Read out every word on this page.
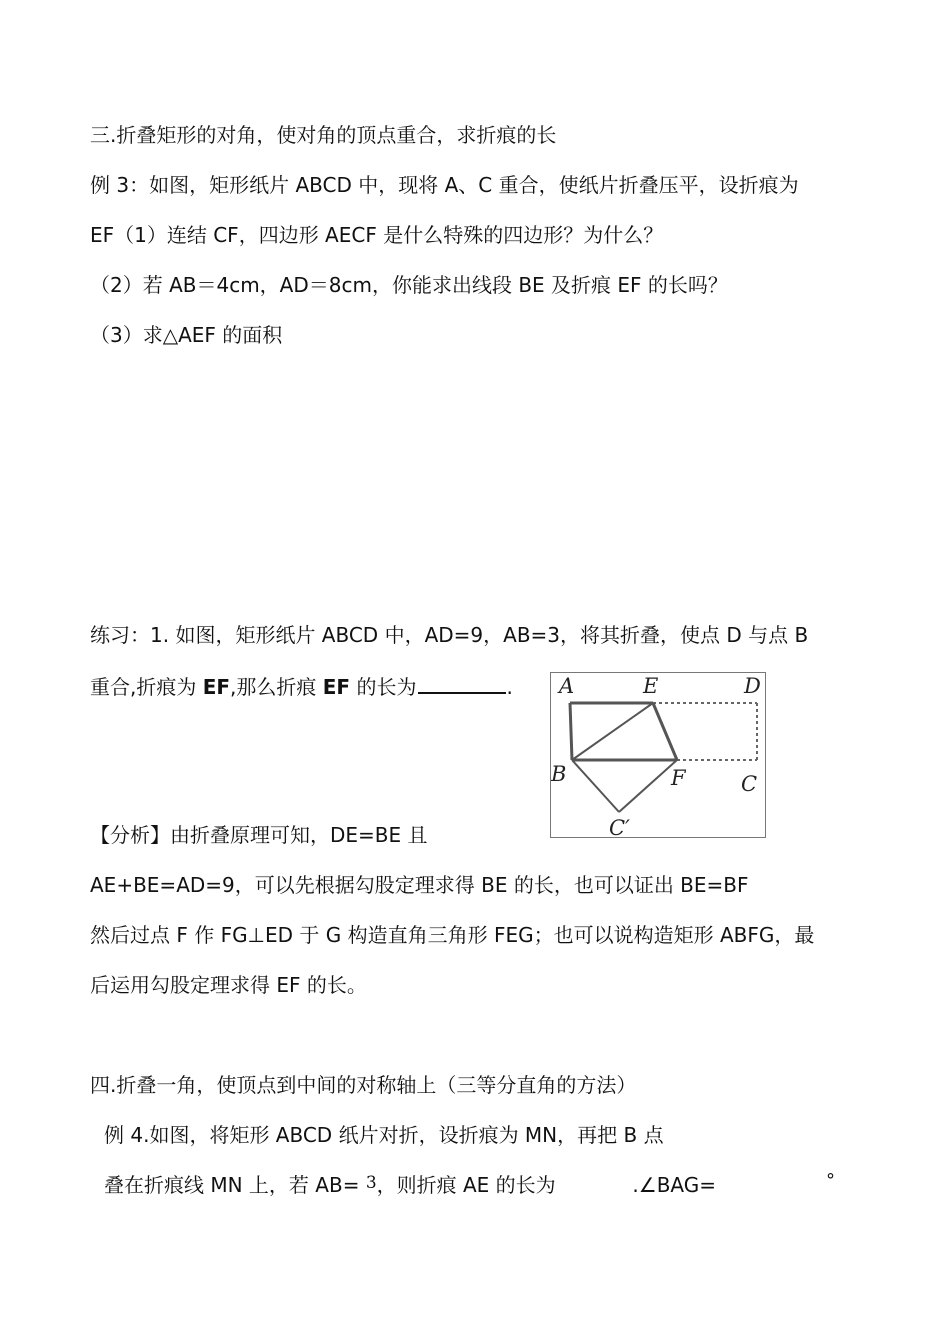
三.折叠矩形的对角，使对角的顶点重合，求折痕的长
例 3：如图，矩形纸片 ABCD 中，现将 A、C 重合，使纸片折叠压平，设折痕为
EF（1）连结 CF，四边形 AECF 是什么特殊的四边形？为什么？
（2）若 AB＝4cm，AD＝8cm，你能求出线段 BE 及折痕 EF 的长吗？
（3）求△AEF 的面积
练习：1. 如图，矩形纸片 ABCD 中，AD=9，AB=3，将其折叠，使点 D 与点 B
重合,折痕为 EF,那么折痕 EF 的长为	. A	E	D
B	F	C
C′
【分析】由折叠原理可知，DE=BE 且
AE+BE=AD=9，可以先根据勾股定理求得 BE 的长，也可以证出 BE=BF
然后过点 F 作 FG⊥ED 于 G 构造直角三角形 FEG；也可以说构造矩形 ABFG，最
后运用勾股定理求得 EF 的长。
四.折叠一角，使顶点到中间的对称轴上（三等分直角的方法）
例 4.如图，将矩形 ABCD 纸片对折，设折痕为 MN，再把 B 点
叠在折痕线 MN 上，若 AB= $^3$，则折痕 AE 的长为	.∠BAG=	°
